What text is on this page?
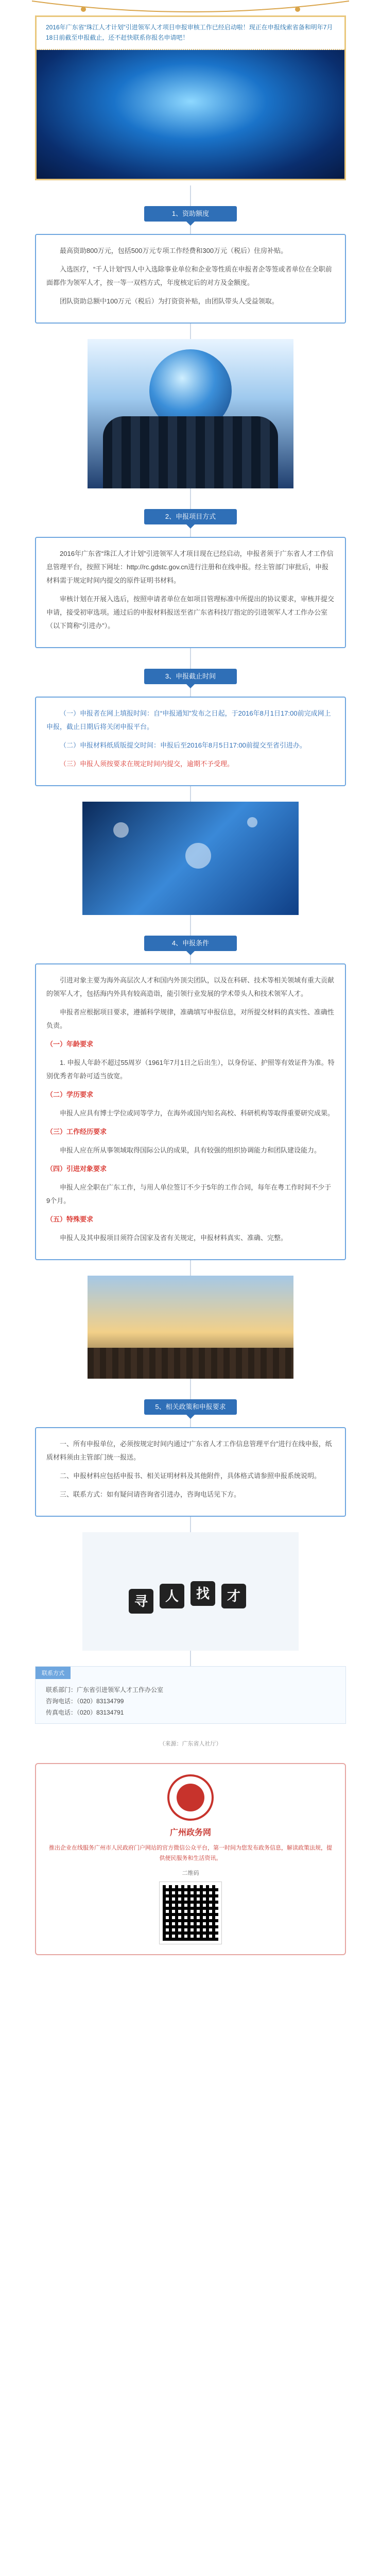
2016年广东省“珠江人才计划”引进领军人才项目申报审核工作已经启动啦！现正在申报线索省备和明年7月18日前截至申报截止，还不赶快联系你报名申请吧！
1、资助额度

最高资助800万元，包括500万元专项工作经费和300万元（税后）住房补贴。

入选医疗，“千人计划”四人中入选除事业单位和企业等性质在申报者企等签或者单位在全职前面都作为领军人才，按一等一双档方式，年度核定后的对方及金额度。

团队资助总额中100万元（税后）为打资资补贴，由团队带头人受益领取。

2、申报项目方式

2016年广东省“珠江人才计划”引进领军人才项目现在已经启动，申报者须于广东省人才工作信息管理平台，按照下网址：http://rc.gdstc.gov.cn进行注册和在线申报。经主管部门审批后，申报材料需于规定时间内提交的原件证明书材料。

审核计划在开展入选后，按照申请者单位在如项目管理标准中所提出的协议要求，审核并提交申请，接受初审选项。通过后的申报材料报送至省广东省科技厅指定的引进领军人才工作办公室（以下简称“引进办”）。

3、申报截止时间

（一）申报者在网上填报时间：自“申报通知”发布之日起，于2016年8月1日17:00前完成网上申报，截止日期后将关闭申报平台。

（二）申报材料纸质版提交时间：申报后至2016年8月5日17:00前提交至省引进办。

（三）申报人须按要求在规定时间内提交，逾期不予受理。

4、申报条件

引进对象主要为海外高层次人才和国内外顶尖团队，以及在科研、技术等相关领域有重大贡献的领军人才，包括海内外具有较高造诣，能引领行业发展的学术带头人和技术领军人才。

申报者应根据项目要求，遵循科学规律，准确填写申报信息，对所提交材料的真实性、准确性负责。

（一）年龄要求

1. 申报人年龄不超过55周岁（1961年7月1日之后出生），以身份证、护照等有效证件为准。特别优秀者年龄可适当放宽。

（二）学历要求

申报人应具有博士学位或同等学力，在海外或国内知名高校、科研机构等取得重要研究成果。

（三）工作经历要求

申报人应在所从事领域取得国际公认的成果，具有较强的组织协调能力和团队建设能力。

（四）引进对象要求

申报人应全职在广东工作，与用人单位签订不少于5年的工作合同，每年在粤工作时间不少于9个月。

（五）特殊要求

申报人及其申报项目须符合国家及省有关规定，申报材料真实、准确、完整。

5、相关政策和申报要求

一、所有申报单位，必须按规定时间内通过“广东省人才工作信息管理平台”进行在线申报，纸质材料须由主管部门统一报送。

二、申报材料应包括申报书、相关证明材料及其他附件，具体格式请参照申报系统说明。

三、联系方式：如有疑问请咨询省引进办，咨询电话见下方。

寻	人	找	才
联系方式
联系部门：广东省引进领军人才工作办公室
咨询电话：（020）83134799
传真电话：（020）83134791
（来源：广东省人社厅）
广州政务网
推出企业在线服务广州市人民政府门户网站的官方微信公众平台，第一时间为您发布政务信息，解读政策法规，提供便民服务和生活资讯。
二维码
